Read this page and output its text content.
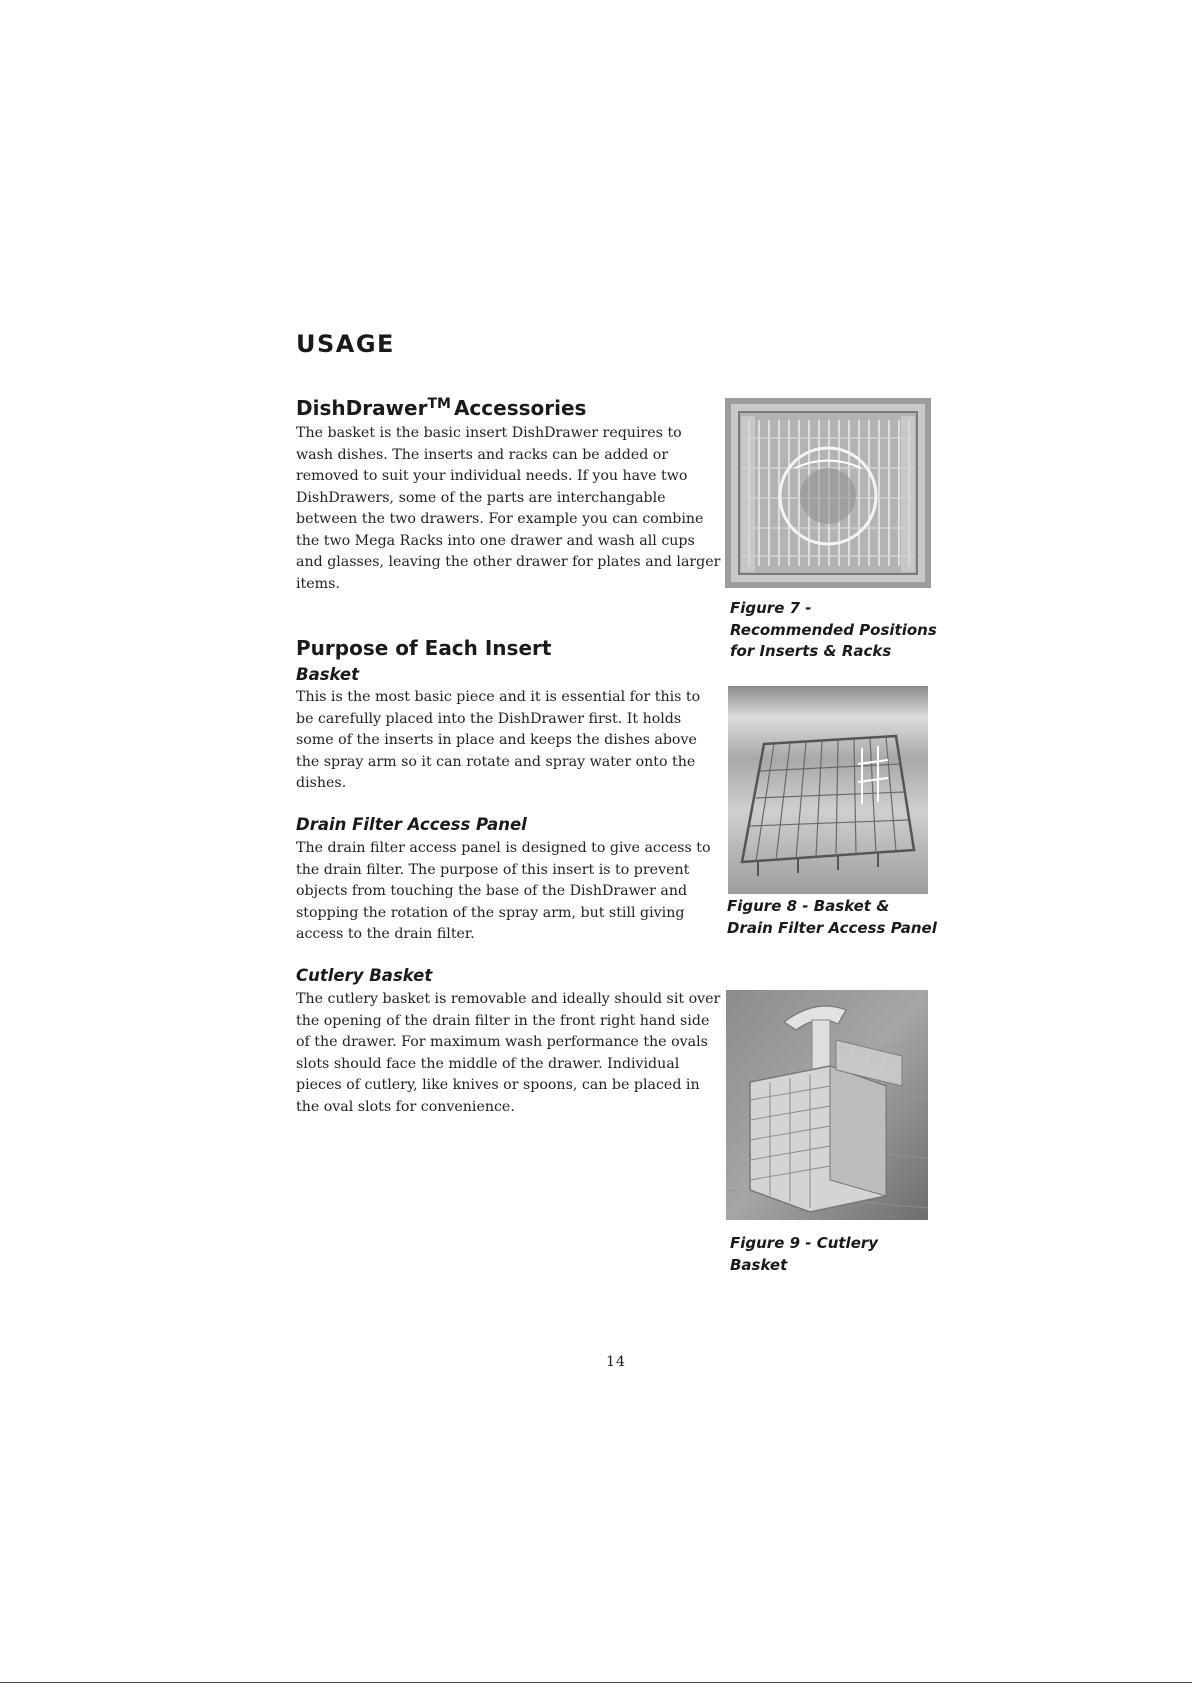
USAGE
DishDrawer™ Accessories

The basket is the basic insert DishDrawer requires to wash dishes. The inserts and racks can be added or removed to suit your individual needs. If you have two DishDrawers, some of the parts are interchangable between the two drawers. For example you can combine the two Mega Racks into one drawer and wash all cups and glasses, leaving the other drawer for plates and larger items.

Purpose of Each Insert
Basket

This is the most basic piece and it is essential for this to be carefully placed into the DishDrawer first. It holds some of the inserts in place and keeps the dishes above the spray arm so it can rotate and spray water onto the dishes.

Drain Filter Access Panel

The drain filter access panel is designed to give access to the drain filter. The purpose of this insert is to prevent objects from touching the base of the DishDrawer and stopping the rotation of the spray arm, but still giving access to the drain filter.

Cutlery Basket

The cutlery basket is removable and ideally should sit over the opening of the drain filter in the front right hand side of the drawer. For maximum wash performance the ovals slots should face the middle of the drawer. Individual pieces of cutlery, like knives or spoons, can be placed in the oval slots for convenience.

Figure 7 - Recommended Positions for Inserts & Racks

Figure 8 - Basket & Drain Filter Access Panel

Figure 9 - Cutlery Basket

14
